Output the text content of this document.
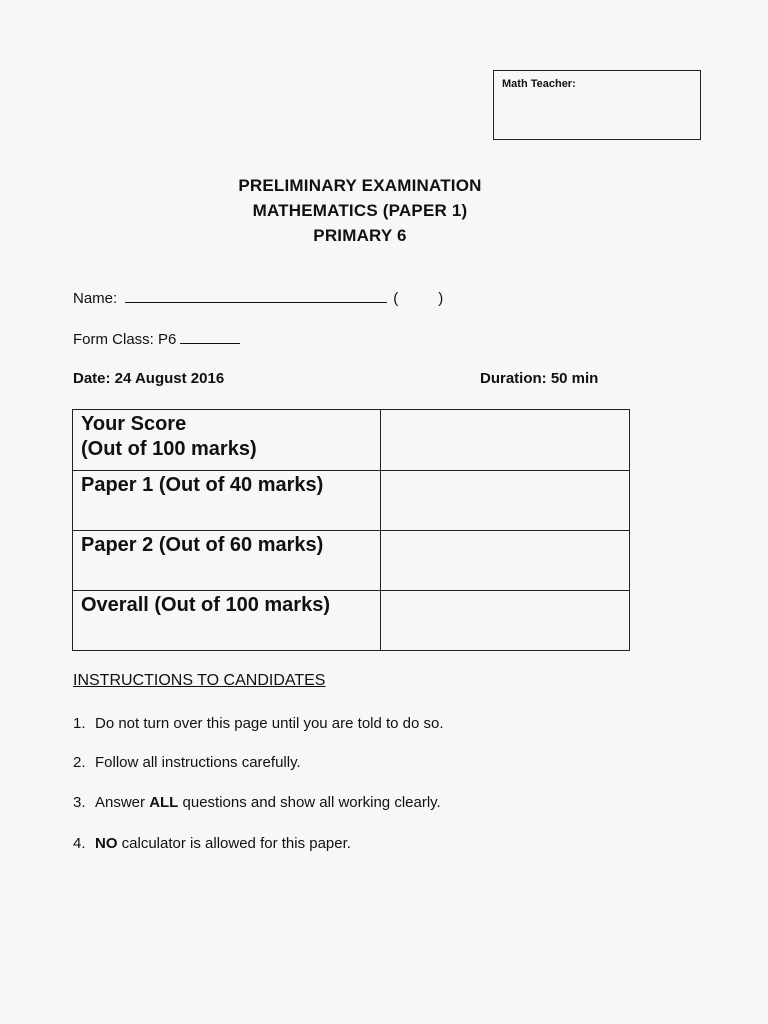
Math Teacher:
PRELIMINARY EXAMINATION
MATHEMATICS (PAPER 1)
PRIMARY 6
Name:	(	)
Form Class: P6
Date: 24 August 2016	Duration: 50 min
Your Score
(Out of 100 marks)
Paper 1 (Out of 40 marks)
Paper 2 (Out of 60 marks)
Overall (Out of 100 marks)
INSTRUCTIONS TO CANDIDATES
1. Do not turn over this page until you are told to do so.
2. Follow all instructions carefully.
3. Answer ALL questions and show all working clearly.
4. NO calculator is allowed for this paper.
